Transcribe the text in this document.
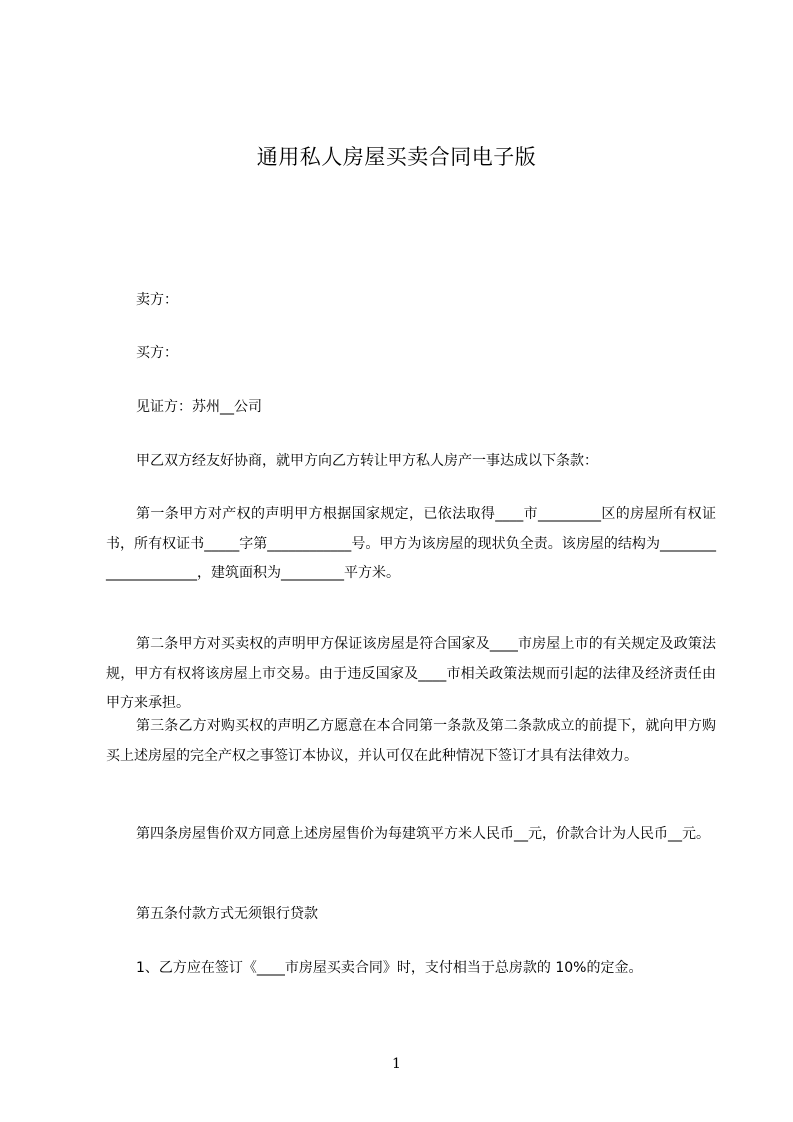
通用私人房屋买卖合同电子版
卖方：
买方：
见证方：苏州__公司
甲乙双方经友好协商，就甲方向乙方转让甲方私人房产一事达成以下条款：
第一条甲方对产权的声明甲方根据国家规定，已依法取得____市_________区的房屋所有权证书，所有权证书_____字第____________号。甲方为该房屋的现状负全责。该房屋的结构为_____________________，建筑面积为_________平方米。
第二条甲方对买卖权的声明甲方保证该房屋是符合国家及____市房屋上市的有关规定及政策法规，甲方有权将该房屋上市交易。由于违反国家及____市相关政策法规而引起的法律及经济责任由甲方来承担。
第三条乙方对购买权的声明乙方愿意在本合同第一条款及第二条款成立的前提下，就向甲方购买上述房屋的完全产权之事签订本协议，并认可仅在此种情况下签订才具有法律效力。
第四条房屋售价双方同意上述房屋售价为每建筑平方米人民币__元，价款合计为人民币__元。
第五条付款方式无须银行贷款
1、乙方应在签订《____市房屋买卖合同》时，支付相当于总房款的 10%的定金。
1
